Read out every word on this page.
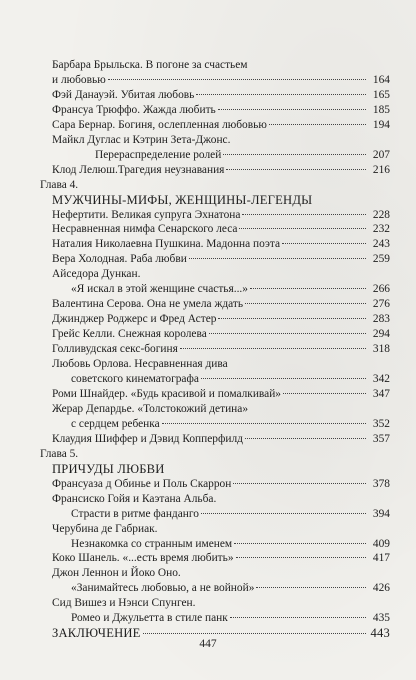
Барбара Брыльска. В погоне за счастьем
и любовью	164
Фэй Данауэй. Убитая любовь	165
Франсуа Трюффо. Жажда любить	185
Сара Бернар. Богиня, ослепленная любовью	194
Майкл Дуглас и Кэтрин Зета-Джонс.
Перераспределение ролей	207
Клод Лелюш.Трагедия неузнавания	216
Глава 4.
МУЖЧИНЫ-МИФЫ, ЖЕНЩИНЫ-ЛЕГЕНДЫ
Нефертити. Великая супруга Эхнатона	228
Несравненная нимфа Сенарского леса	232
Наталия Николаевна Пушкина. Мадонна поэта	243
Вера Холодная. Раба любви	259
Айседора Дункан.
«Я искал в этой женщине счастья...»	266
Валентина Серова. Она не умела ждать	276
Джинджер Роджерс и Фред Астер	283
Грейс Келли. Снежная королева	294
Голливудская секс-богиня	318
Любовь Орлова. Несравненная дива
советского кинематографа	342
Роми Шнайдер. «Будь красивой и помалкивай»	347
Жерар Депардье. «Толстокожий детина»
с сердцем ребенка	352
Клаудия Шиффер и Дэвид Копперфилд	357
Глава 5.
ПРИЧУДЫ ЛЮБВИ
Франсуаза д Обинье и Поль Скаррон	378
Франсиско Гойя и Каэтана Альба.
Страсти в ритме фанданго	394
Черубина де Габриак.
Незнакомка со странным именем	409
Коко Шанель. «...есть время любить»	417
Джон Леннон и Йоко Оно.
«Занимайтесь любовью, а не войной»	426
Сид Вишез и Нэнси Спунген.
Ромео и Джульетта в стиле панк	435
ЗАКЛЮЧЕНИЕ	443
447
